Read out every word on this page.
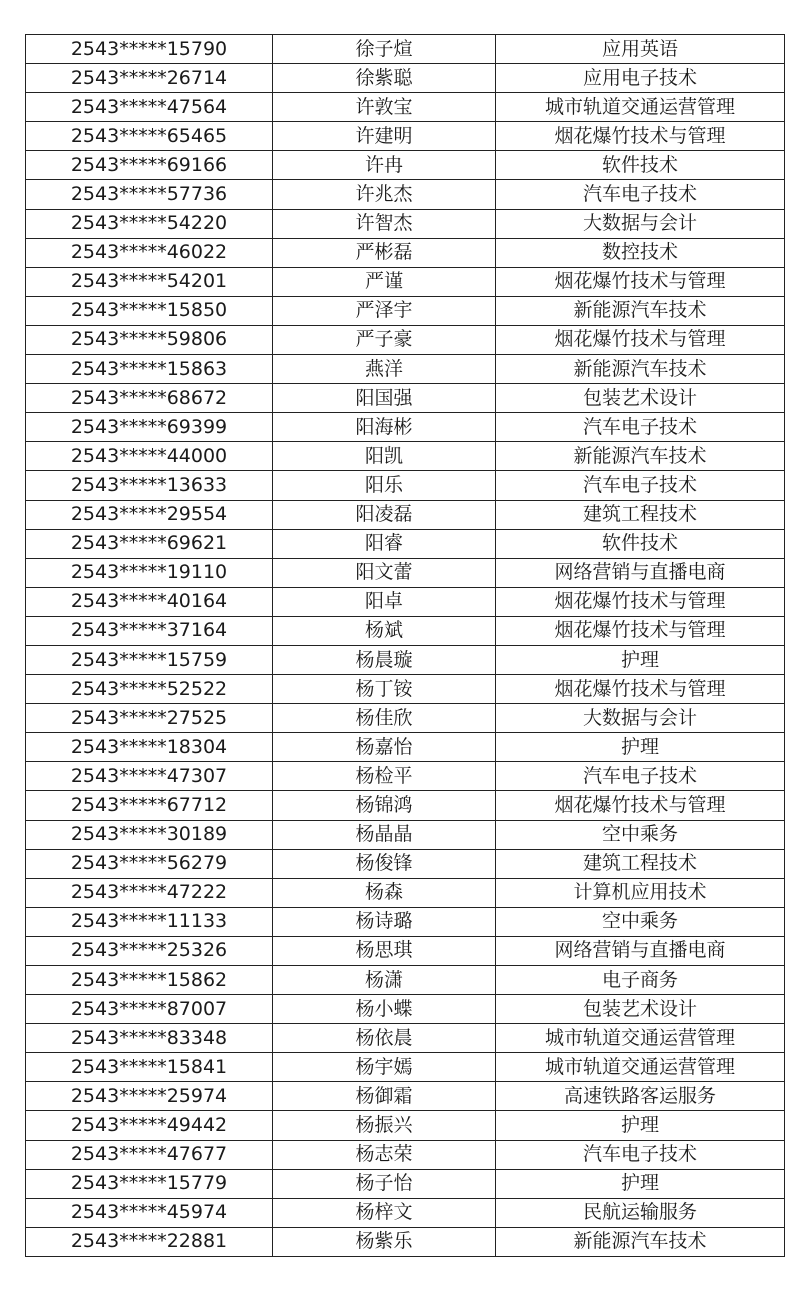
2543*****15790	徐子煊	应用英语
2543*****26714	徐紫聪	应用电子技术
2543*****47564	许敦宝	城市轨道交通运营管理
2543*****65465	许建明	烟花爆竹技术与管理
2543*****69166	许冉	软件技术
2543*****57736	许兆杰	汽车电子技术
2543*****54220	许智杰	大数据与会计
2543*****46022	严彬磊	数控技术
2543*****54201	严谨	烟花爆竹技术与管理
2543*****15850	严泽宇	新能源汽车技术
2543*****59806	严子豪	烟花爆竹技术与管理
2543*****15863	燕洋	新能源汽车技术
2543*****68672	阳国强	包装艺术设计
2543*****69399	阳海彬	汽车电子技术
2543*****44000	阳凯	新能源汽车技术
2543*****13633	阳乐	汽车电子技术
2543*****29554	阳凌磊	建筑工程技术
2543*****69621	阳睿	软件技术
2543*****19110	阳文蕾	网络营销与直播电商
2543*****40164	阳卓	烟花爆竹技术与管理
2543*****37164	杨斌	烟花爆竹技术与管理
2543*****15759	杨晨璇	护理
2543*****52522	杨丁铵	烟花爆竹技术与管理
2543*****27525	杨佳欣	大数据与会计
2543*****18304	杨嘉怡	护理
2543*****47307	杨检平	汽车电子技术
2543*****67712	杨锦鸿	烟花爆竹技术与管理
2543*****30189	杨晶晶	空中乘务
2543*****56279	杨俊锋	建筑工程技术
2543*****47222	杨森	计算机应用技术
2543*****11133	杨诗璐	空中乘务
2543*****25326	杨思琪	网络营销与直播电商
2543*****15862	杨潇	电子商务
2543*****87007	杨小蝶	包装艺术设计
2543*****83348	杨依晨	城市轨道交通运营管理
2543*****15841	杨宇嫣	城市轨道交通运营管理
2543*****25974	杨御霜	高速铁路客运服务
2543*****49442	杨振兴	护理
2543*****47677	杨志荣	汽车电子技术
2543*****15779	杨子怡	护理
2543*****45974	杨梓文	民航运输服务
2543*****22881	杨紫乐	新能源汽车技术
